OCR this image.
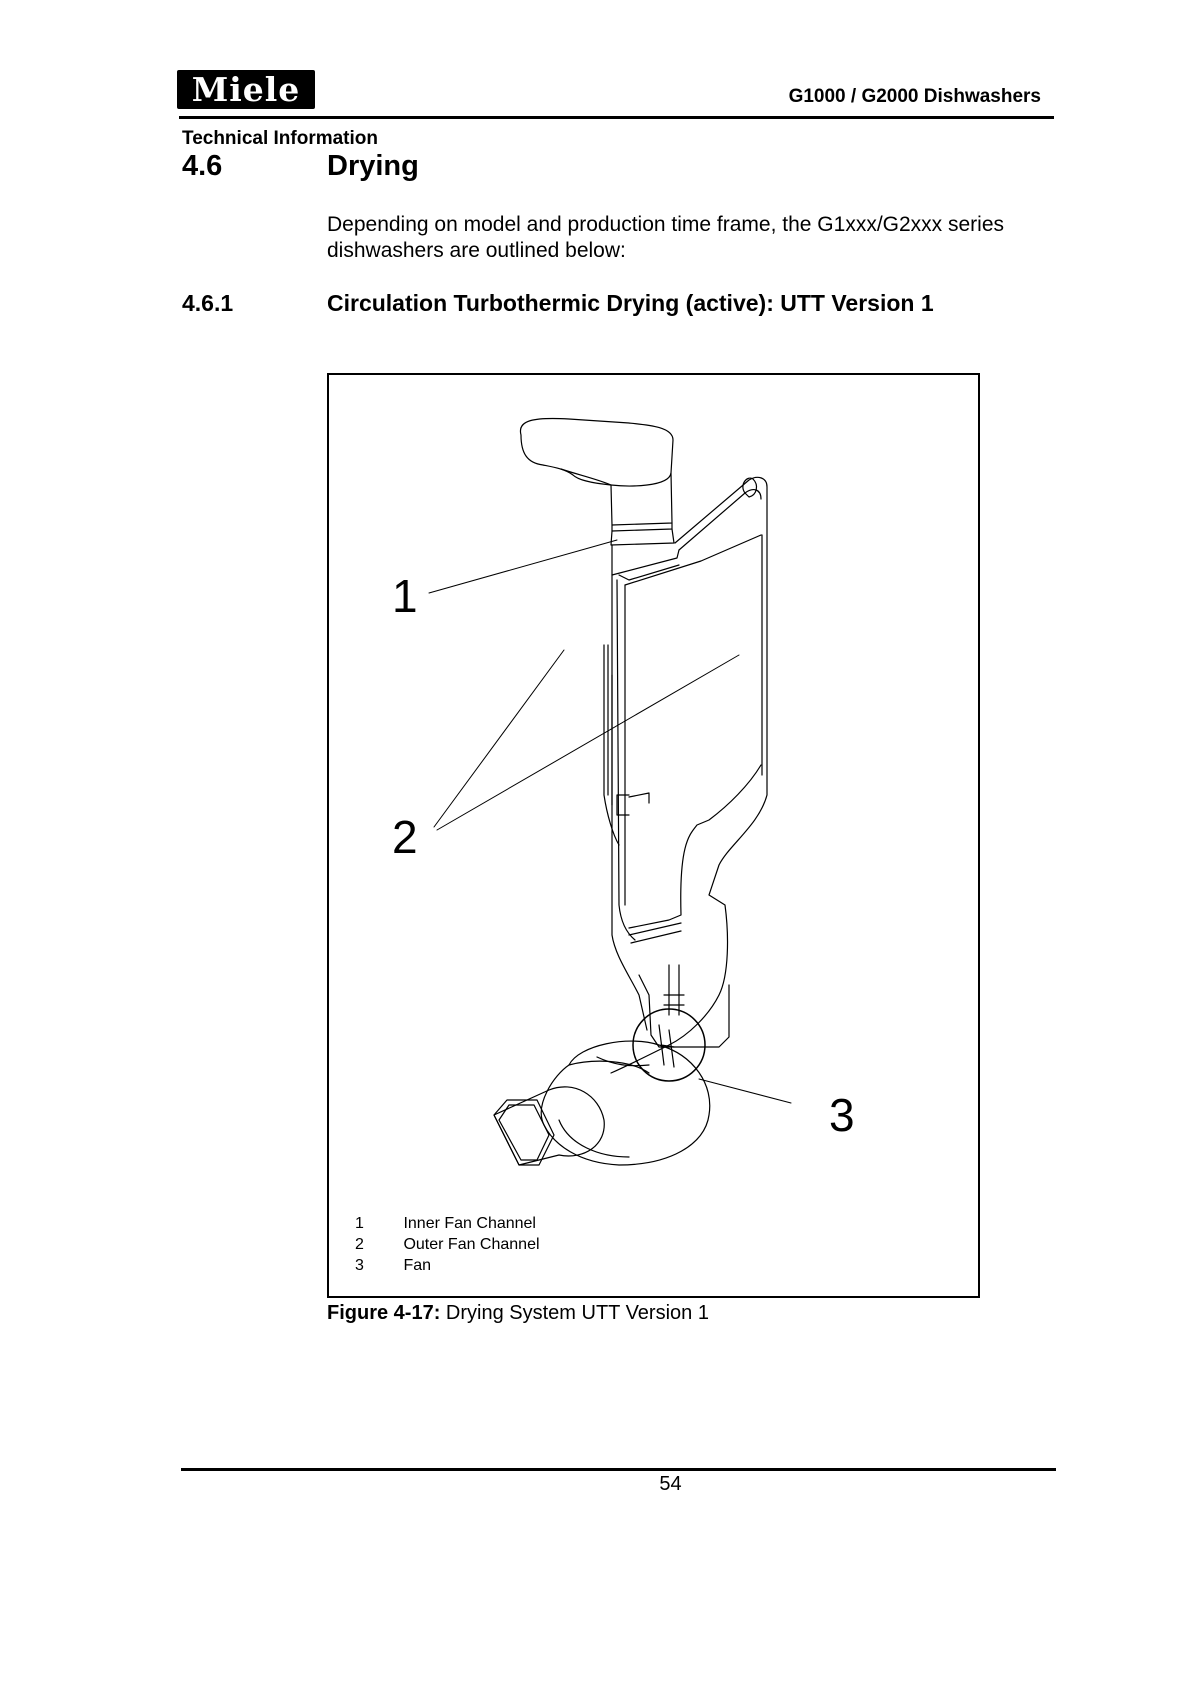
Miele	G1000 / G2000 Dishwashers
Technical Information
4.6	Drying
Depending on model and production time frame, the G1xxx/G2xxx series dishwashers are outlined below:
4.6.1	Circulation Turbothermic Drying (active): UTT Version 1
1
2
3
1 Inner Fan Channel
2 Outer Fan Channel
3 Fan
Figure 4-17: Drying System UTT Version 1
54
